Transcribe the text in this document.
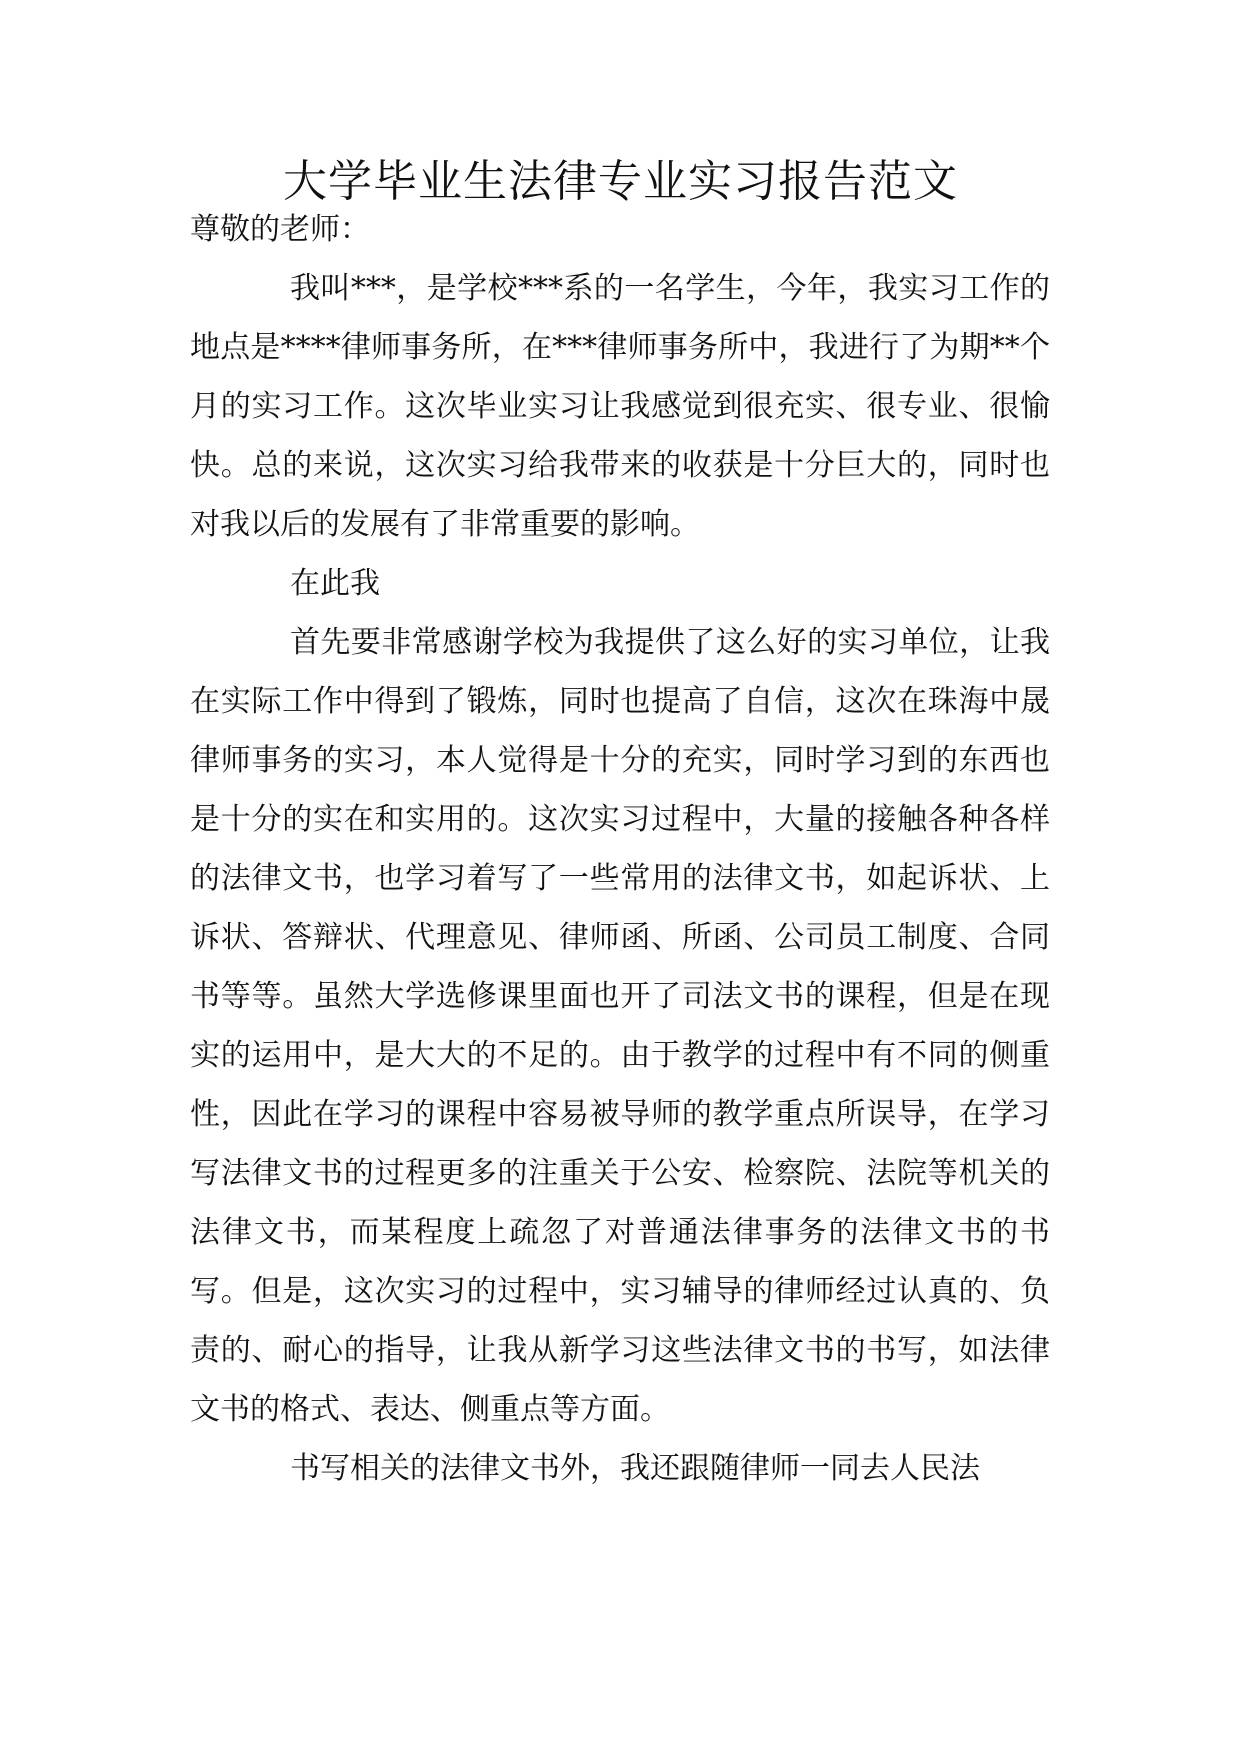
大学毕业生法律专业实习报告范文

尊敬的老师：

我叫***，是学校***系的一名学生，今年，我实习工作的地点是****律师事务所，在***律师事务所中，我进行了为期**个月的实习工作。这次毕业实习让我感觉到很充实、很专业、很愉快。总的来说，这次实习给我带来的收获是十分巨大的，同时也对我以后的发展有了非常重要的影响。

在此我

首先要非常感谢学校为我提供了这么好的实习单位，让我在实际工作中得到了锻炼，同时也提高了自信，这次在珠海中晟律师事务的实习，本人觉得是十分的充实，同时学习到的东西也是十分的实在和实用的。这次实习过程中，大量的接触各种各样的法律文书，也学习着写了一些常用的法律文书，如起诉状、上诉状、答辩状、代理意见、律师函、所函、公司员工制度、合同书等等。虽然大学选修课里面也开了司法文书的课程，但是在现实的运用中，是大大的不足的。由于教学的过程中有不同的侧重性，因此在学习的课程中容易被导师的教学重点所误导，在学习写法律文书的过程更多的注重关于公安、检察院、法院等机关的法律文书，而某程度上疏忽了对普通法律事务的法律文书的书写。但是，这次实习的过程中，实习辅导的律师经过认真的、负责的、耐心的指导，让我从新学习这些法律文书的书写，如法律文书的格式、表达、侧重点等方面。

书写相关的法律文书外，我还跟随律师一同去人民法
